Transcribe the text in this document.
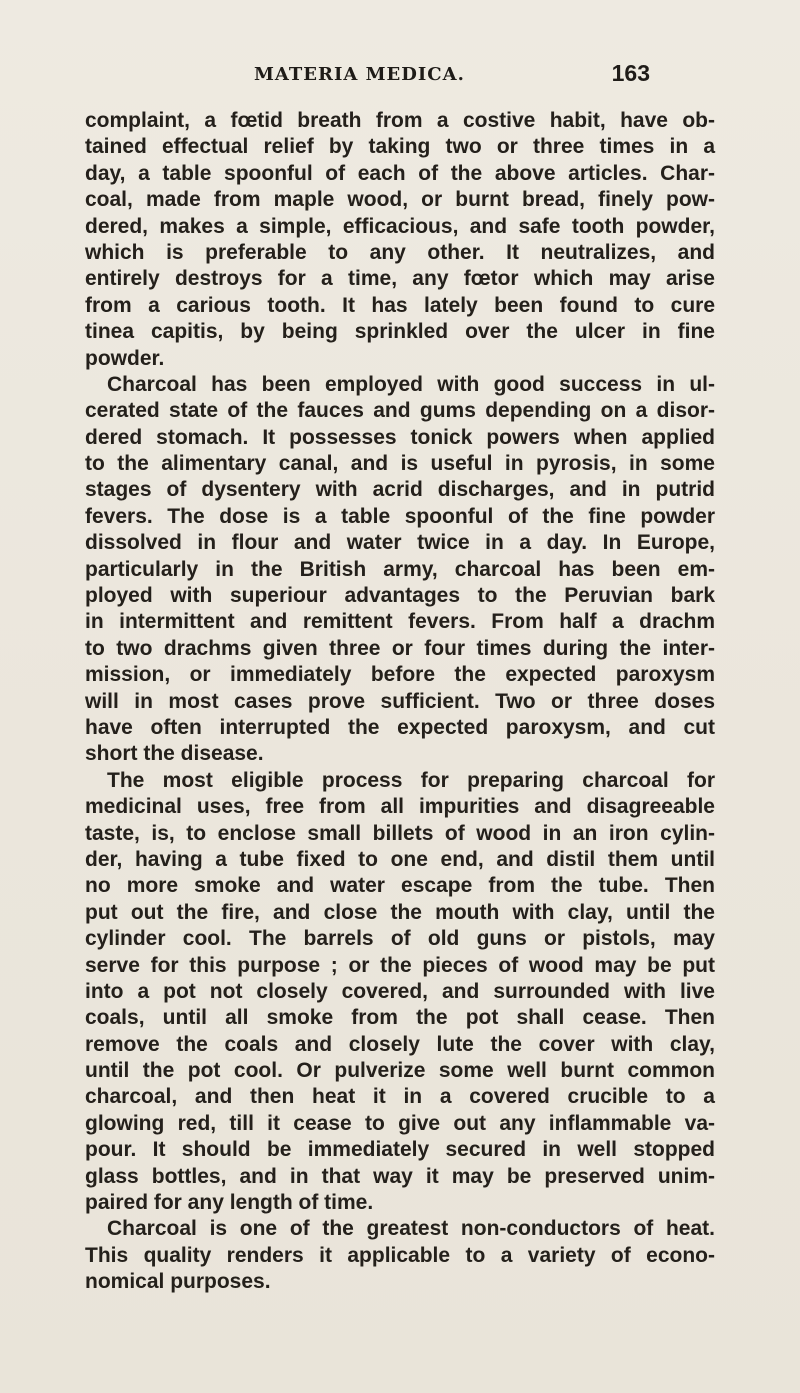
MATERIA MEDICA.	163
complaint, a fœtid breath from a costive habit, have ob-
tained effectual relief by taking two or three times in a
day, a table spoonful of each of the above articles. Char-
coal, made from maple wood, or burnt bread, finely pow-
dered, makes a simple, efficacious, and safe tooth powder,
which is preferable to any other. It neutralizes, and
entirely destroys for a time, any fœtor which may arise
from a carious tooth. It has lately been found to cure
tinea capitis, by being sprinkled over the ulcer in fine
powder.
Charcoal has been employed with good success in ul-
cerated state of the fauces and gums depending on a disor-
dered stomach. It possesses tonick powers when applied
to the alimentary canal, and is useful in pyrosis, in some
stages of dysentery with acrid discharges, and in putrid
fevers. The dose is a table spoonful of the fine powder
dissolved in flour and water twice in a day. In Europe,
particularly in the British army, charcoal has been em-
ployed with superiour advantages to the Peruvian bark
in intermittent and remittent fevers. From half a drachm
to two drachms given three or four times during the inter-
mission, or immediately before the expected paroxysm
will in most cases prove sufficient. Two or three doses
have often interrupted the expected paroxysm, and cut
short the disease.
The most eligible process for preparing charcoal for
medicinal uses, free from all impurities and disagreeable
taste, is, to enclose small billets of wood in an iron cylin-
der, having a tube fixed to one end, and distil them until
no more smoke and water escape from the tube. Then
put out the fire, and close the mouth with clay, until the
cylinder cool. The barrels of old guns or pistols, may
serve for this purpose ; or the pieces of wood may be put
into a pot not closely covered, and surrounded with live
coals, until all smoke from the pot shall cease. Then
remove the coals and closely lute the cover with clay,
until the pot cool. Or pulverize some well burnt common
charcoal, and then heat it in a covered crucible to a
glowing red, till it cease to give out any inflammable va-
pour. It should be immediately secured in well stopped
glass bottles, and in that way it may be preserved unim-
paired for any length of time.
Charcoal is one of the greatest non-conductors of heat.
This quality renders it applicable to a variety of econo-
nomical purposes.
